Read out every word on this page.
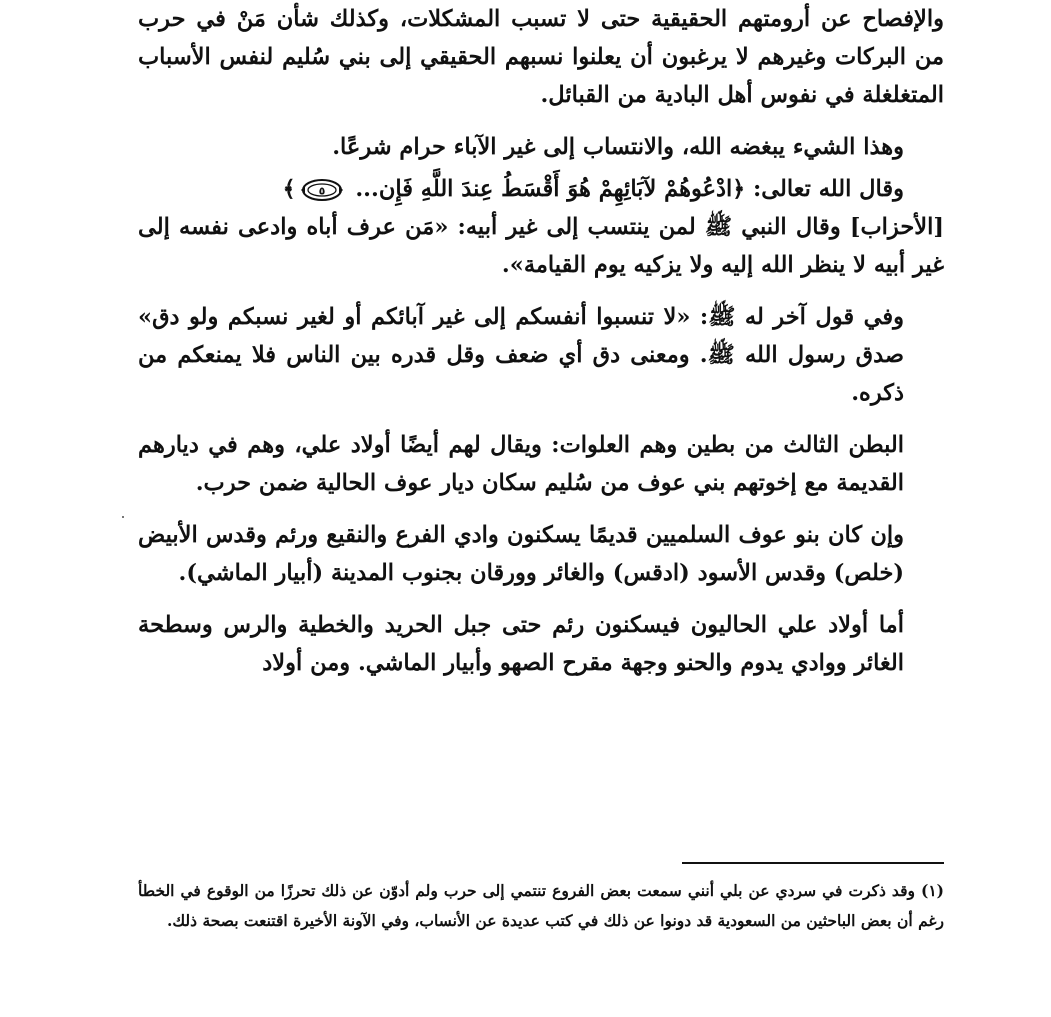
والإفصاح عن أرومتهم الحقيقية حتى لا تسبب المشكلات، وكذلك شأن مَنْ في حرب من البركات وغيرهم لا يرغبون أن يعلنوا نسبهم الحقيقي إلى بني سُليم لنفس الأسباب المتغلغلة في نفوس أهل البادية من القبائل.

وهذا الشيء يبغضه الله، والانتساب إلى غير الآباء حرام شرعًا.

وقال الله تعالى: ﴿ادْعُوهُمْ لآبَائِهِمْ هُوَ أَقْسَطُ عِندَ اللَّهِ فَإِن...
٥
﴾

[الأحزاب] وقال النبي ﷺ لمن ينتسب إلى غير أبيه: «مَن عرف أباه وادعى نفسه إلى غير أبيه لا ينظر الله إليه ولا يزكيه يوم القيامة».

وفي قول آخر له ﷺ: «لا تنسبوا أنفسكم إلى غير آبائكم أو لغير نسبكم ولو دق» صدق رسول الله ﷺ. ومعنى دق أي ضعف وقل قدره بين الناس فلا يمنعكم من ذكره.

البطن الثالث من بطين وهم العلوات: ويقال لهم أيضًا أولاد علي، وهم في ديارهم القديمة مع إخوتهم بني عوف من سُليم سكان ديار عوف الحالية ضمن حرب.

وإن كان بنو عوف السلميين قديمًا يسكنون وادي الفرع والنقيع ورئم وقدس الأبيض (خلص) وقدس الأسود (ادقس) والغائر وورقان بجنوب المدينة (أبيار الماشي).

أما أولاد علي الحاليون فيسكنون رئم حتى جبل الحريد والخطية والرس وسطحة الغائر ووادي يدوم والحنو وجهة مقرح الصهو وأبيار الماشي. ومن أولاد

(١) وقد ذكرت في سردي عن بلي أنني سمعت بعض الفروع تنتمي إلى حرب ولم أدوّن عن ذلك تحرزًا من الوقوع في الخطأ رغم أن بعض الباحثين من السعودية قد دونوا عن ذلك في كتب عديدة عن الأنساب، وفي الآونة الأخيرة اقتنعت بصحة ذلك.
